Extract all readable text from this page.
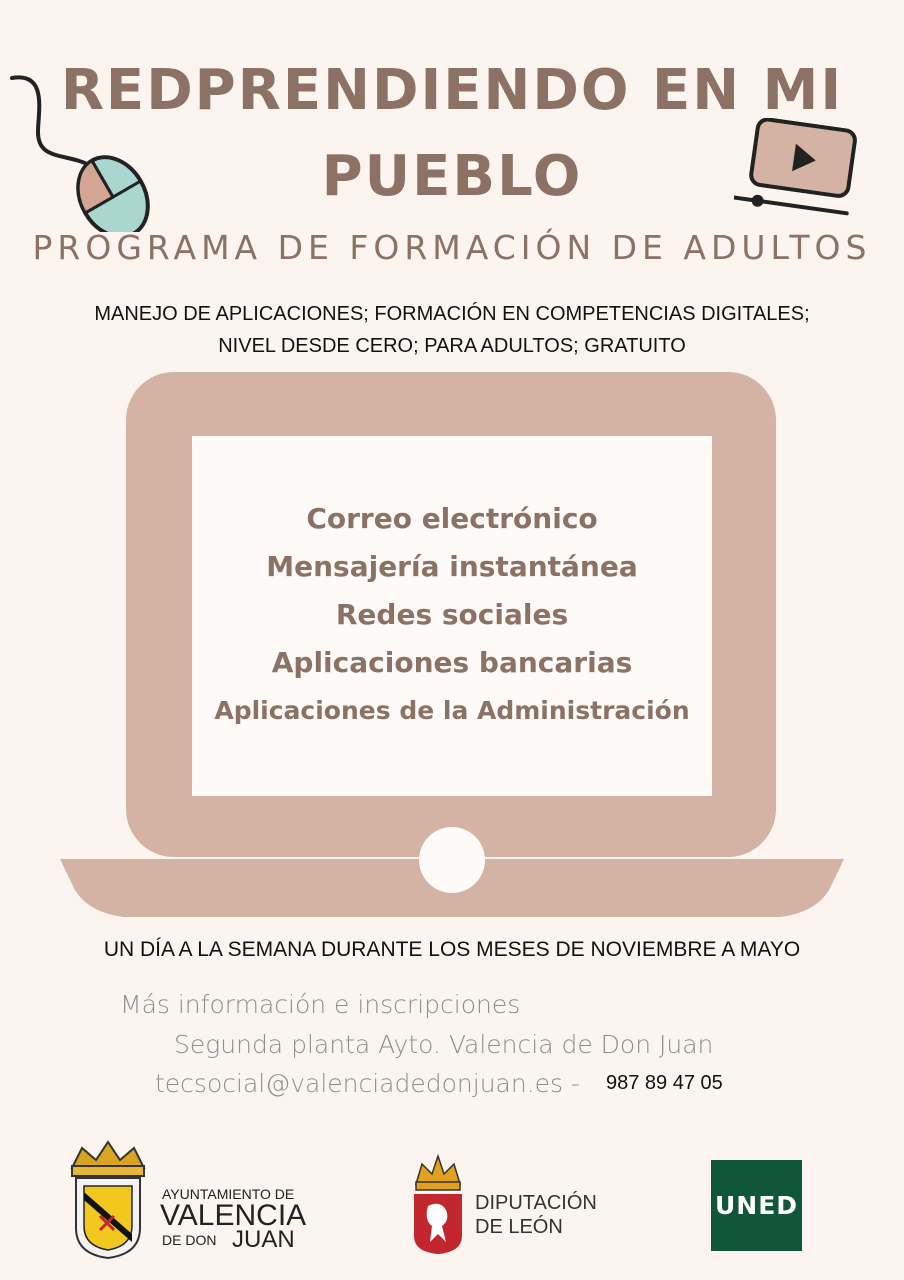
REDPRENDIENDO EN MI
PUEBLO
PROGRAMA DE FORMACIÓN DE ADULTOS
MANEJO DE APLICACIONES; FORMACIÓN EN COMPETENCIAS DIGITALES;
NIVEL DESDE CERO; PARA ADULTOS; GRATUITO
Correo electrónico
Mensajería instantánea
Redes sociales
Aplicaciones bancarias
Aplicaciones de la Administración
UN DÍA A LA SEMANA DURANTE LOS MESES DE NOVIEMBRE A MAYO
Más información e inscripciones
Segunda planta Ayto. Valencia de Don Juan
tecsocial@valenciadedonjuan.es - 987 89 47 05
AYUNTAMIENTO DE
VALENCIA
DE DON JUAN
DIPUTACIÓN
DE LEÓN
UNED
